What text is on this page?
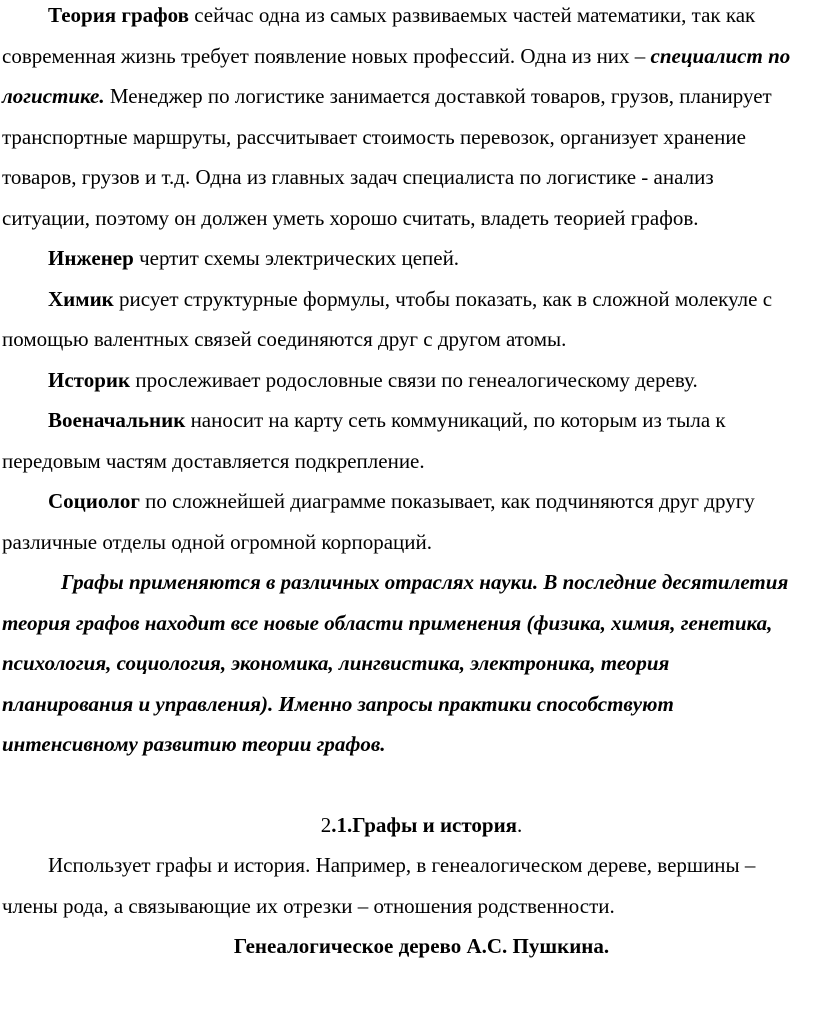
Теория графов сейчас одна из самых развиваемых частей математики, так как современная жизнь требует появление новых профессий. Одна из них – специалист по логистике. Менеджер по логистике занимается доставкой товаров, грузов, планирует транспортные маршруты, рассчитывает стоимость перевозок, организует хранение товаров, грузов и т.д. Одна из главных задач специалиста по логистике - анализ ситуации, поэтому он должен уметь хорошо считать, владеть теорией графов.

Инженер чертит схемы электрических цепей.

Химик рисует структурные формулы, чтобы показать, как в сложной молекуле с помощью валентных связей соединяются друг с другом атомы.

Историк прослеживает родословные связи по генеалогическому дереву.

Военачальник наносит на карту сеть коммуникаций, по которым из тыла к передовым частям доставляется подкрепление.

Социолог по сложнейшей диаграмме показывает, как подчиняются друг другу различные отделы одной огромной корпораций.

Графы применяются в различных отраслях науки. В последние десятилетия теория графов находит все новые области применения (физика, химия, генетика, психология, социология, экономика, лингвистика, электроника, теория планирования и управления). Именно запросы практики способствуют интенсивному развитию теории графов.

2.1.Графы и история.

Использует графы и история. Например, в генеалогическом дереве, вершины – члены рода, а связывающие их отрезки – отношения родственности.

Генеалогическое дерево А.С. Пушкина.
